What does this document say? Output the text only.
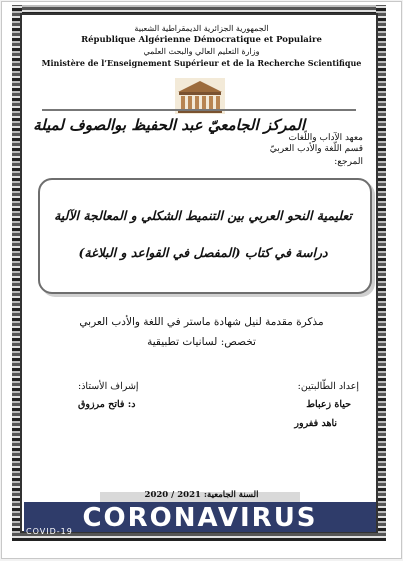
الجمهورية الجزائرية الديمقراطية الشعبية
République Algérienne Démocratique et Populaire
وزارة التعليم العالي والبحث العلمي
Ministère de l’Enseignement Supérieur et de la Recherche Scientifique
المركز الجامعيّ عبد الحفيظ بوالصوف لميلة
معهد الآداب واللّغات
قسم اللّغة والأدب العربيّ
المرجع:
تعليمية النحو العربي بين التنميط الشكلي و المعالجة الآلية
دراسة في كتاب (المفصل في القواعد و البلاغة)
مذكرة مقدمة لنيل شهادة ماستر في اللغة والأدب العربي
تخصص: لسانيات تطبيقية
إعداد الطّالبتين:
حياة زعباط
ناهد ففرور
إشراف الأستاذ:
د: فاتح مرزوق
السنة الجامعية: 2021 / 2020
CORONAVIRUS
COVID-19
